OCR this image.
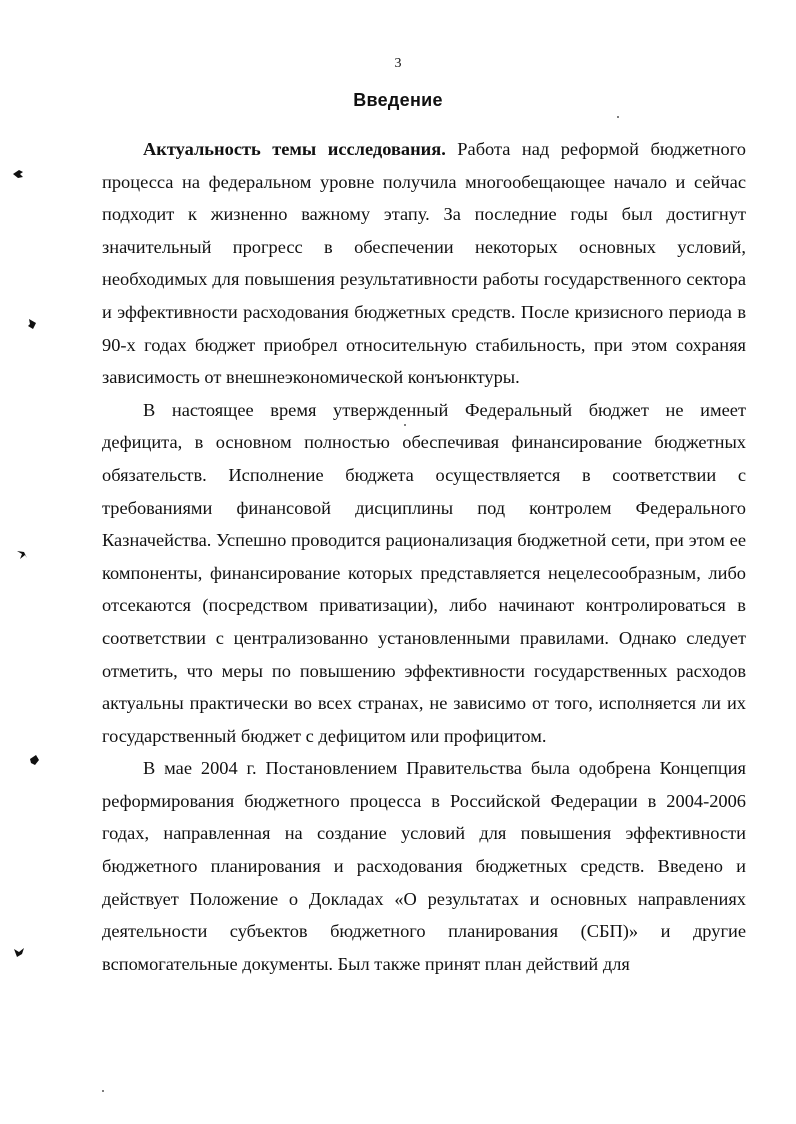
3
Введение

Актуальность темы исследования. Работа над реформой бюджетного процесса на федеральном уровне получила многообещающее начало и сейчас подходит к жизненно важному этапу. За последние годы был достигнут значительный прогресс в обеспечении некоторых основных условий, необходимых для повышения результативности работы государственного сектора и эффективности расходования бюджетных средств. После кризисного периода в 90-х годах бюджет приобрел относительную стабильность, при этом сохраняя зависимость от внешнеэкономической конъюнктуры.

В настоящее время утвержденный Федеральный бюджет не имеет дефицита, в основном полностью обеспечивая финансирование бюджетных обязательств. Исполнение бюджета осуществляется в соответствии с требованиями финансовой дисциплины под контролем Федерального Казначейства. Успешно проводится рационализация бюджетной сети, при этом ее компоненты, финансирование которых представляется нецелесообразным, либо отсекаются (посредством приватизации), либо начинают контролироваться в соответствии с централизованно установленными правилами. Однако следует отметить, что меры по повышению эффективности государственных расходов актуальны практически во всех странах, не зависимо от того, исполняется ли их государственный бюджет с дефицитом или профицитом.

В мае 2004 г. Постановлением Правительства была одобрена Концепция реформирования бюджетного процесса в Российской Федерации в 2004-2006 годах, направленная на создание условий для повышения эффективности бюджетного планирования и расходования бюджетных средств. Введено и действует Положение о Докладах «О результатах и основных направлениях деятельности субъектов бюджетного планирования (СБП)» и другие вспомогательные документы. Был также принят план действий для
